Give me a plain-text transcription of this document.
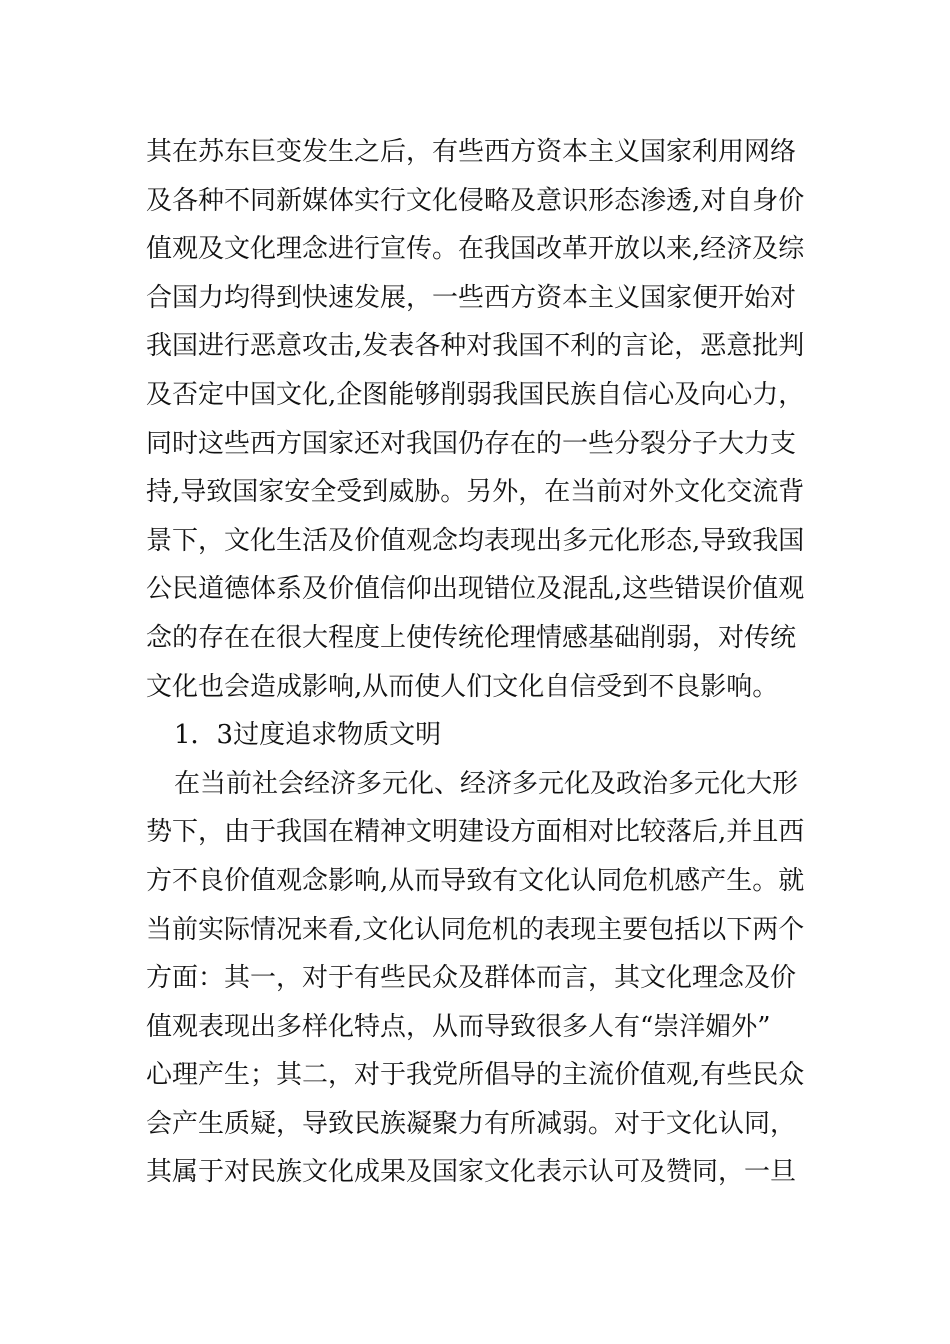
其在苏东巨变发生之后，有些西方资本主义国家利用网络
及各种不同新媒体实行文化侵略及意识形态渗透,对自身价
值观及文化理念进行宣传。在我国改革开放以来,经济及综
合国力均得到快速发展，一些西方资本主义国家便开始对
我国进行恶意攻击,发表各种对我国不利的言论，恶意批判
及否定中国文化,企图能够削弱我国民族自信心及向心力，
同时这些西方国家还对我国仍存在的一些分裂分子大力支
持,导致国家安全受到威胁。另外，在当前对外文化交流背
景下，文化生活及价值观念均表现出多元化形态,导致我国
公民道德体系及价值信仰出现错位及混乱,这些错误价值观
念的存在在很大程度上使传统伦理情感基础削弱，对传统
文化也会造成影响,从而使人们文化自信受到不良影响。
1．3过度追求物质文明
在当前社会经济多元化、经济多元化及政治多元化大形
势下，由于我国在精神文明建设方面相对比较落后,并且西
方不良价值观念影响,从而导致有文化认同危机感产生。就
当前实际情况来看,文化认同危机的表现主要包括以下两个
方面：其一，对于有些民众及群体而言，其文化理念及价
值观表现出多样化特点，从而导致很多人有“崇洋媚外”
心理产生；其二，对于我党所倡导的主流价值观,有些民众
会产生质疑，导致民族凝聚力有所减弱。对于文化认同，
其属于对民族文化成果及国家文化表示认可及赞同，一旦
